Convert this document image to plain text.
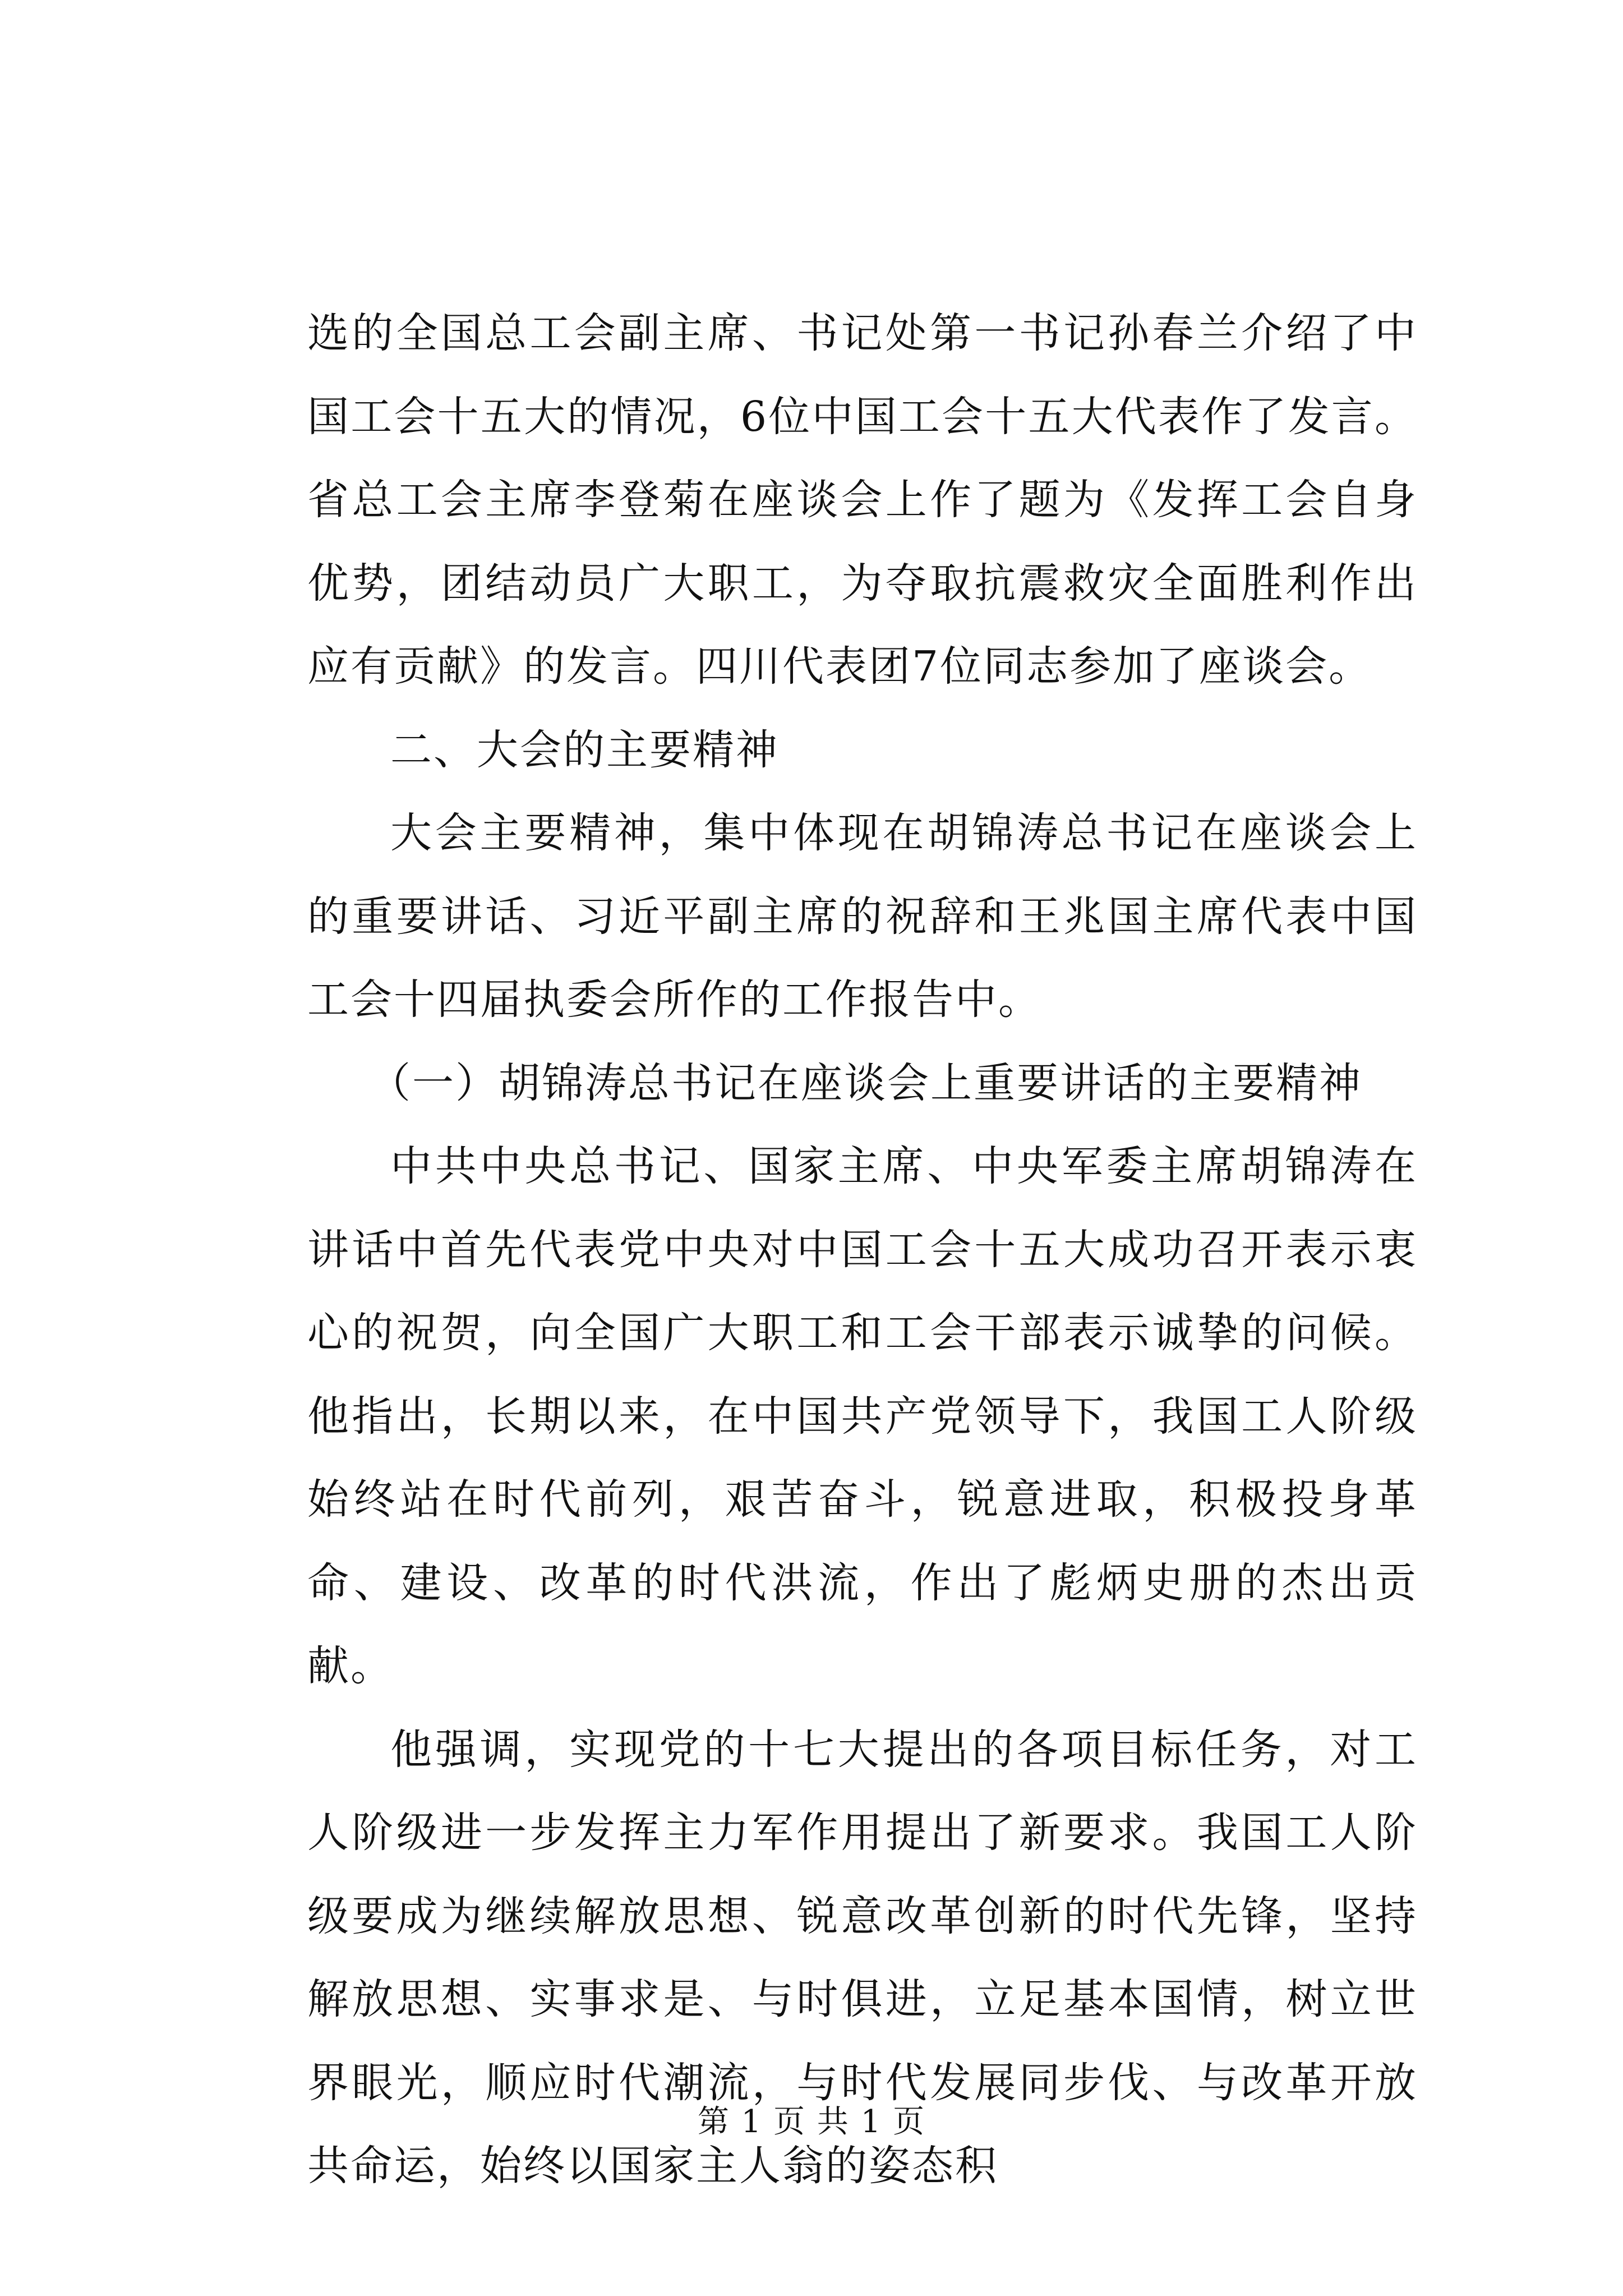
选的全国总工会副主席、书记处第一书记孙春兰介绍了中国工会十五大的情况，6位中国工会十五大代表作了发言。省总工会主席李登菊在座谈会上作了题为《发挥工会自身优势，团结动员广大职工，为夺取抗震救灾全面胜利作出应有贡献》的发言。四川代表团7位同志参加了座谈会。

二、大会的主要精神

大会主要精神，集中体现在胡锦涛总书记在座谈会上的重要讲话、习近平副主席的祝辞和王兆国主席代表中国工会十四届执委会所作的工作报告中。

（一）胡锦涛总书记在座谈会上重要讲话的主要精神

中共中央总书记、国家主席、中央军委主席胡锦涛在讲话中首先代表党中央对中国工会十五大成功召开表示衷心的祝贺，向全国广大职工和工会干部表示诚挚的问候。他指出，长期以来，在中国共产党领导下，我国工人阶级始终站在时代前列，艰苦奋斗，锐意进取，积极投身革命、建设、改革的时代洪流，作出了彪炳史册的杰出贡献。

他强调，实现党的十七大提出的各项目标任务，对工人阶级进一步发挥主力军作用提出了新要求。我国工人阶级要成为继续解放思想、锐意改革创新的时代先锋，坚持解放思想、实事求是、与时俱进，立足基本国情，树立世界眼光，顺应时代潮流，与时代发展同步伐、与改革开放共命运，始终以国家主人翁的姿态积

第 1 页 共 1 页
